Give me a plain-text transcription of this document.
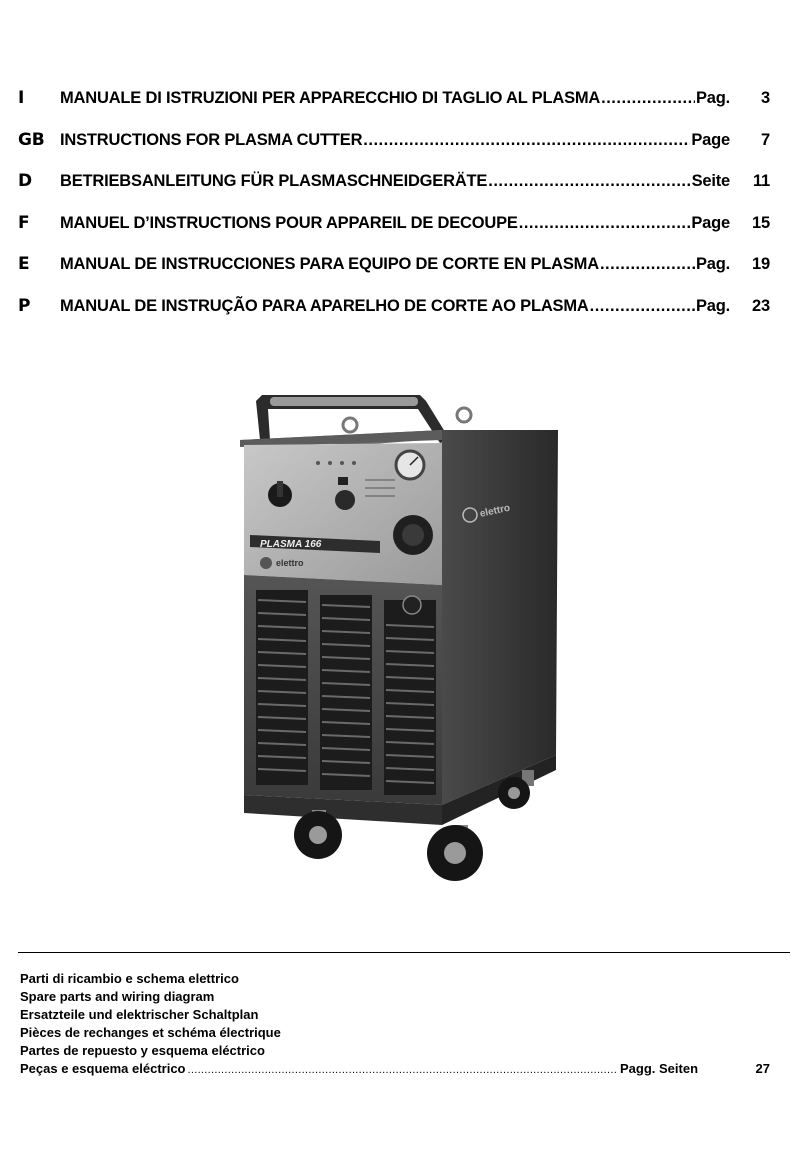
I	MANUALE DI ISTRUZIONI PER APPARECCHIO DI TAGLIO AL PLASMA .....	Pag.	3
GB INSTRUCTIONS FOR PLASMA CUTTER .....	Page	7
D	BETRIEBSANLEITUNG FÜR PLASMASCHNEIDGERÄTE .....	Seite	11
F	MANUEL D’INSTRUCTIONS POUR APPAREIL DE DECOUPE .....	Page	15
E	MANUAL DE INSTRUCCIONES PARA EQUIPO DE CORTE EN PLASMA .....	Pag.	19
P	MANUAL DE INSTRUÇÃO PARA APARELHO DE CORTE AO PLASMA .....	Pag.	23
PLASMA 166
elettro
elettro
Parti di ricambio e schema elettrico
Spare parts and wiring diagram
Ersatzteile und elektrischer Schaltplan
Pièces de rechanges et schéma électrique
Partes de repuesto y esquema eléctrico
Peças e esquema eléctrico .....	Pagg. Seiten	27
